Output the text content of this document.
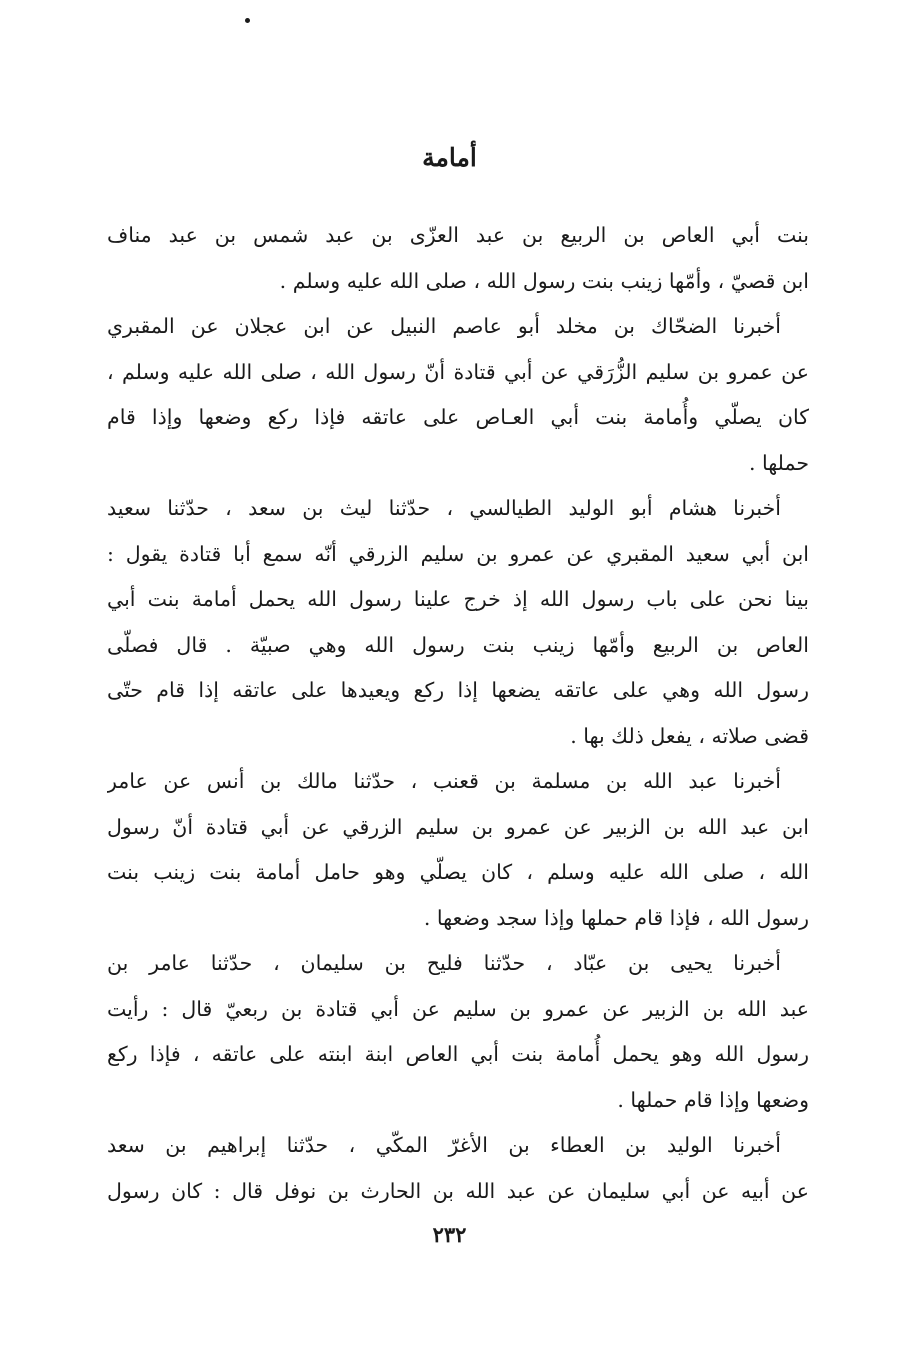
أمامة
بنت أبي العاص بن الربيع بن عبد العزّى بن عبد شمس بن عبد مناف
ابن قصيّ ، وأمّها زينب بنت رسول الله ، صلى الله عليه وسلم .
أخبرنا الضحّاك بن مخلد أبو عاصم النبيل عن ابن عجلان عن المقبري
عن عمرو بن سليم الزُّرَقي عن أبي قتادة أنّ رسول الله ، صلى الله عليه وسلم ،
كان يصلّي وأُمامة بنت أبي العـاص على عاتقه فإذا ركع وضعها وإذا قام
حملها .
أخبرنا هشام أبو الوليد الطيالسي ، حدّثنا ليث بن سعد ، حدّثنا سعيد
ابن أبي سعيد المقبري عن عمرو بن سليم الزرقي أنّه سمع أبا قتادة يقول :
بينا نحن على باب رسول الله إذ خرج علينا رسول الله يحمل أمامة بنت أبي
العاص بن الربيع وأمّها زينب بنت رسول الله وهي صبيّة . قال فصلّى
رسول الله وهي على عاتقه يضعها إذا ركع ويعيدها على عاتقه إذا قام حتّى
قضى صلاته ، يفعل ذلك بها .
أخبرنا عبد الله بن مسلمة بن قعنب ، حدّثنا مالك بن أنس عن عامر
ابن عبد الله بن الزبير عن عمرو بن سليم الزرقي عن أبي قتادة أنّ رسول
الله ، صلى الله عليه وسلم ، كان يصلّي وهو حامل أمامة بنت زينب بنت
رسول الله ، فإذا قام حملها وإذا سجد وضعها .
أخبرنا يحيى بن عبّاد ، حدّثنا فليح بن سليمان ، حدّثنا عامر بن
عبد الله بن الزبير عن عمرو بن سليم عن أبي قتادة بن ربعيّ قال : رأيت
رسول الله وهو يحمل أُمامة بنت أبي العاص ابنة ابنته على عاتقه ، فإذا ركع
وضعها وإذا قام حملها .
أخبرنا الوليد بن العطاء بن الأغرّ المكّي ، حدّثنا إبراهيم بن سعد
عن أبيه عن أبي سليمان عن عبد الله بن الحارث بن نوفل قال : كان رسول
٢٣٢
